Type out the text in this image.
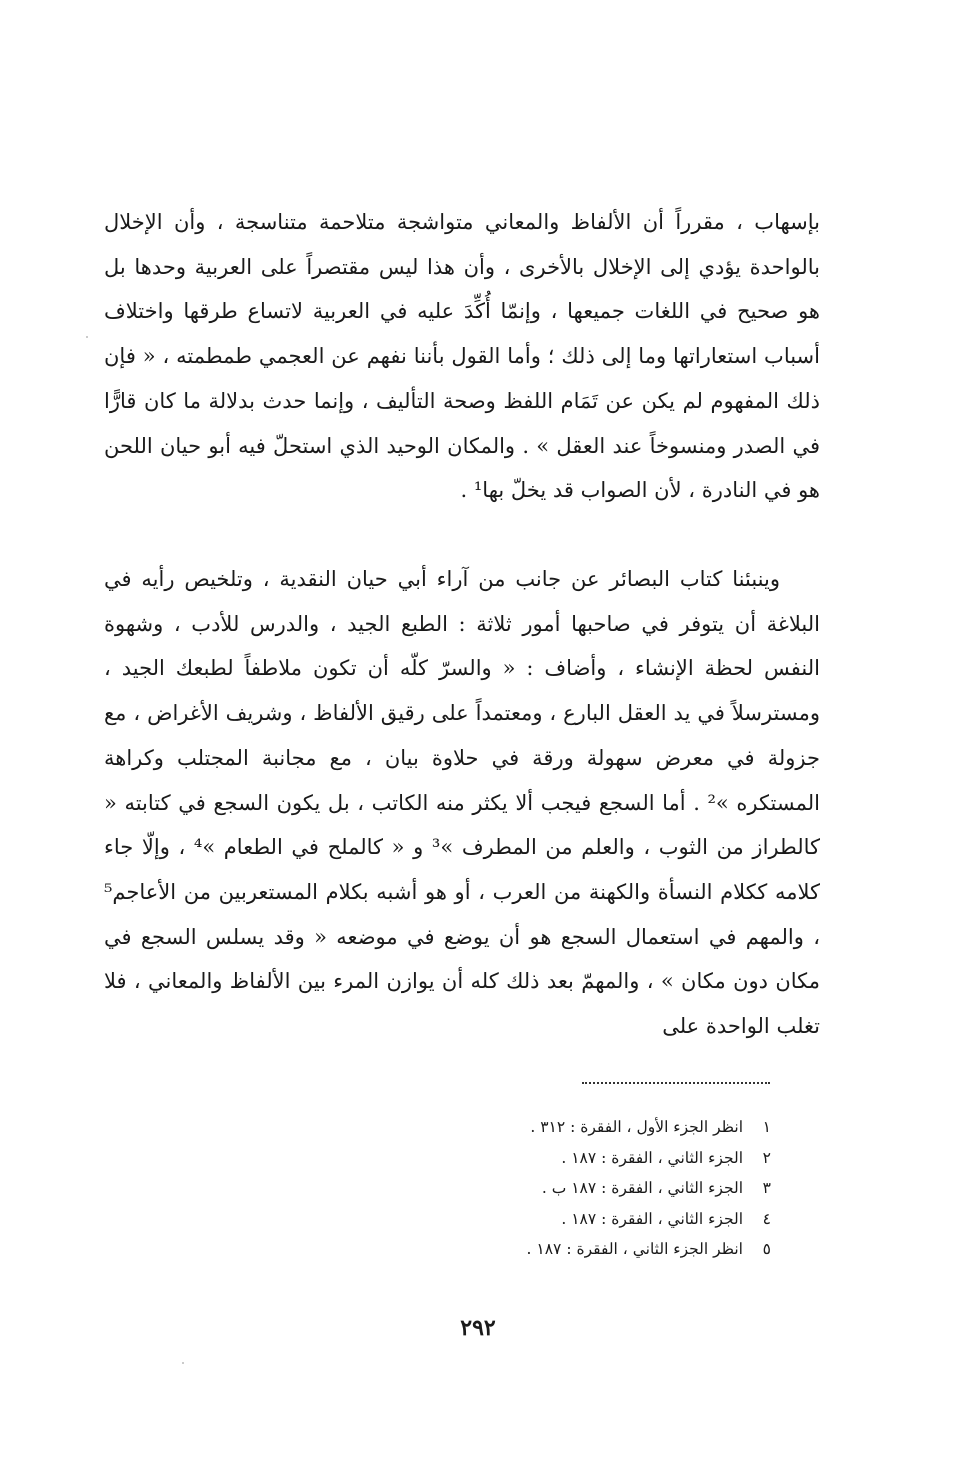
بإسهاب ، مقرراً أن الألفاظ والمعاني متواشجة متلاحمة متناسجة ، وأن الإخلال بالواحدة يؤدي إلى الإخلال بالأخرى ، وأن هذا ليس مقتصراً على العربية وحدها بل هو صحيح في اللغات جميعها ، وإنمّا أُكِّدَ عليه في العربية لاتساع طرقها واختلاف أسباب استعاراتها وما إلى ذلك ؛ وأما القول بأننا نفهم عن العجمي طمطمته ، « فإن ذلك المفهوم لم يكن عن تَمَام اللفظ وصحة التأليف ، وإنما حدث بدلالة ما كان قارًّا في الصدر ومنسوخاً عند العقل » . والمكان الوحيد الذي استحلّ فيه أبو حيان اللحن هو في النادرة ، لأن الصواب قد يخلّ بها¹ .

وينبئنا كتاب البصائر عن جانب من آراء أبي حيان النقدية ، وتلخيص رأيه في البلاغة أن يتوفر في صاحبها أمور ثلاثة : الطبع الجيد ، والدرس للأدب ، وشهوة النفس لحظة الإنشاء ، وأضاف : « والسرّ كلّه أن تكون ملاطفاً لطبعك الجيد ، ومسترسلاً في يد العقل البارع ، ومعتمداً على رقيق الألفاظ ، وشريف الأغراض ، مع جزولة في معرض سهولة ورقة في حلاوة بيان ، مع مجانبة المجتلب وكراهة المستكره »² . أما السجع فيجب ألا يكثر منه الكاتب ، بل يكون السجع في كتابته « كالطراز من الثوب ، والعلم من المطرف »³ و « كالملح في الطعام »⁴ ، وإلّا جاء كلامه ككلام النسأة والكهنة من العرب ، أو هو أشبه بكلام المستعربين من الأعاجم⁵ ، والمهم في استعمال السجع هو أن يوضع في موضعه « وقد يسلس السجع في مكان دون مكان » ، والمهمّ بعد ذلك كله أن يوازن المرء بين الألفاظ والمعاني ، فلا تغلب الواحدة على

١انظر الجزء الأول ، الفقرة : ٣١٢ .
٢الجزء الثاني ، الفقرة : ١٨٧ .
٣الجزء الثاني ، الفقرة : ١٨٧ ب .
٤الجزء الثاني ، الفقرة : ١٨٧ .
٥انظر الجزء الثاني ، الفقرة : ١٨٧ .
٢٩٢
